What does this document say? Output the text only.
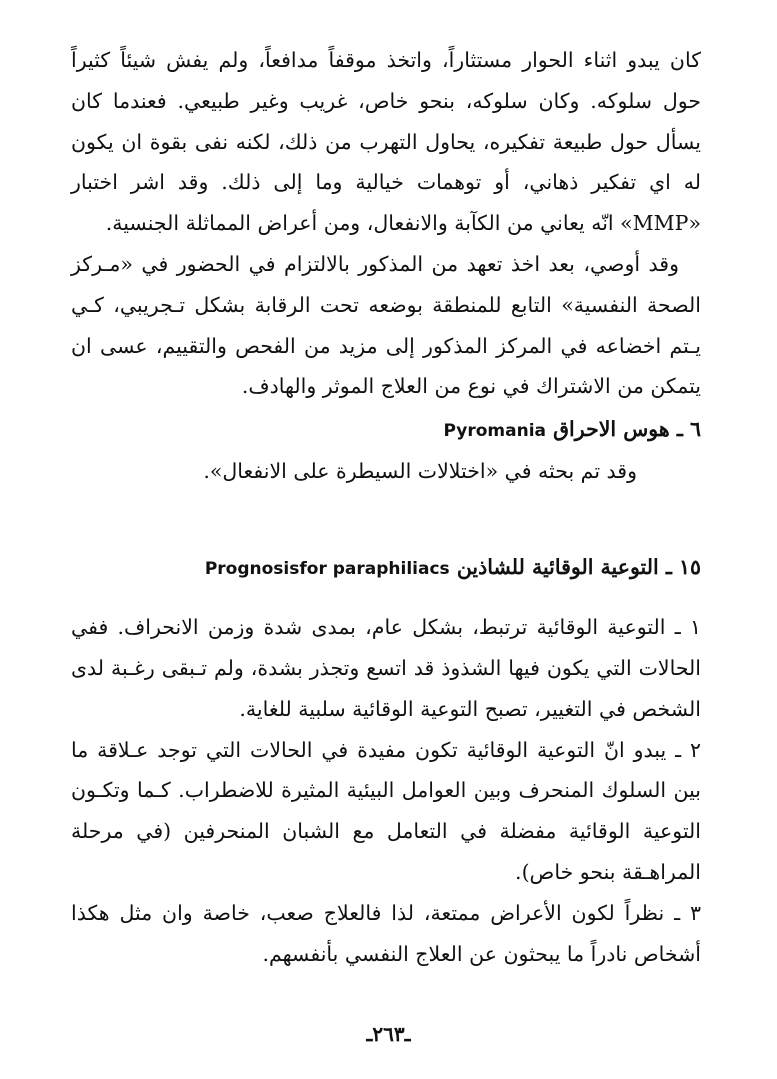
كان يبدو اثناء الحوار مستثاراً، واتخذ موقفاً مدافعاً، ولم يفش شيئاً كثيراً حول سلوكه. وكان سلوكه، بنحو خاص، غريب وغير طبيعي. فعندما كان يسأل حول طبيعة تفكيره، يحاول التهرب من ذلك، لكنه نفى بقوة ان يكون له اي تفكير ذهاني، أو توهمات خيالية وما إلى ذلك. وقد اشر اختبار «MMP» انّه يعاني من الكآبة والانفعال، ومن أعراض المماثلة الجنسية.

وقد أوصي، بعد اخذ تعهد من المذكور بالالتزام في الحضور في «مـركز الصحة النفسية» التابع للمنطقة بوضعه تحت الرقابة بشكل تـجريبي، كـي يـتم اخضاعه في المركز المذكور إلى مزيد من الفحص والتقييم، عسى ان يتمكن من الاشتراك في نوع من العلاج الموثر والهادف.

٦ ـ هوس الاحراق Pyromania

وقد تم بحثه في «اختلالات السيطرة على الانفعال».

١٥ ـ التوعية الوقائية للشاذين Prognosisfor paraphiliacs

١ ـ التوعية الوقائية ترتبط، بشكل عام، بمدى شدة وزمن الانحراف. ففي الحالات التي يكون فيها الشذوذ قد اتسع وتجذر بشدة، ولم تـبقى رغـبة لدى الشخص في التغيير، تصبح التوعية الوقائية سلبية للغاية.

٢ ـ يبدو انّ التوعية الوقائية تكون مفيدة في الحالات التي توجد عـلاقة ما بين السلوك المنحرف وبين العوامل البيئية المثيرة للاضطراب. كـما وتكـون التوعية الوقائية مفضلة في التعامل مع الشبان المنحرفين (في مرحلة المراهـقة بنحو خاص).

٣ ـ نظراً لكون الأعراض ممتعة، لذا فالعلاج صعب، خاصة وان مثل هكذا أشخاص نادراً ما يبحثون عن العلاج النفسي بأنفسهم.

ـ٢٦٣ـ
